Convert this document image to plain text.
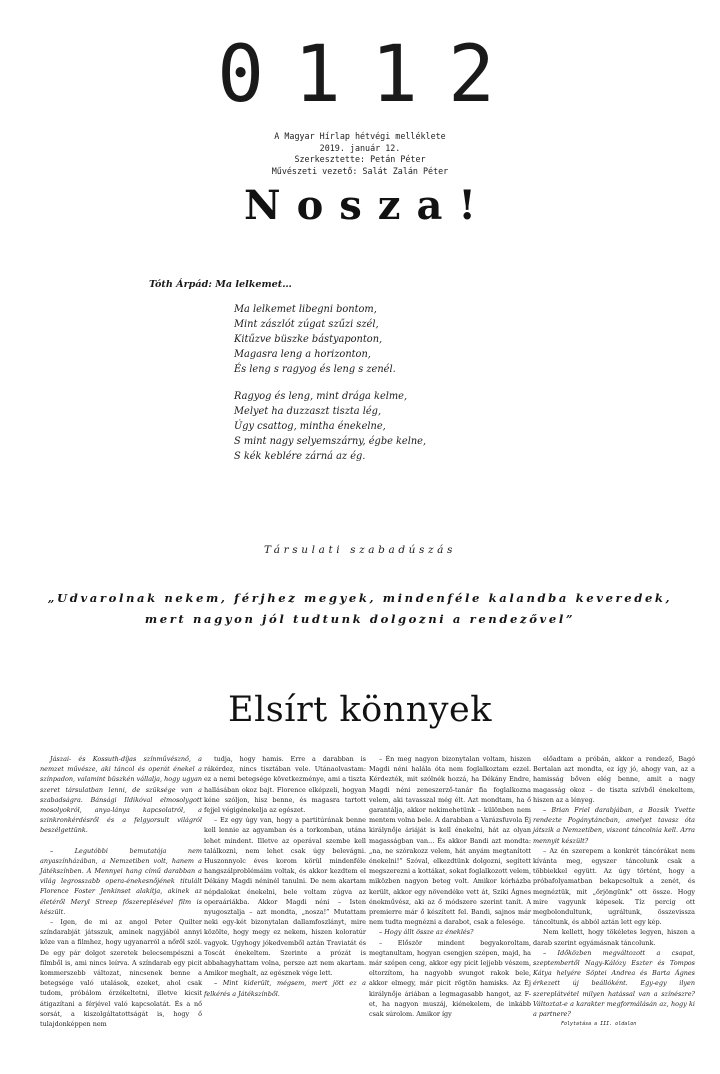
0112
A Magyar Hírlap hétvégi melléklete
2019. január 12.
Szerkesztette: Petán Péter
Művészeti vezető: Salát Zalán Péter
Nosza!
Tóth Árpád: Ma lelkemet…
Ma lelkemet libegni bontom,
Mint zászlót zúgat szűzi szél,
Kitűzve büszke bástyaponton,
Magasra leng a horizonton,
És leng s ragyog és leng s zenél.
Ragyog és leng, mint drága kelme,
Melyet ha duzzaszt tiszta lég,
Úgy csattog, mintha énekelne,
S mint nagy selyemszárny, égbe kelne,
S kék keblére zárná az ég.
Társulati szabadúszás
„Udvarolnak nekem, férjhez megyek, mindenféle kalandba keveredek,
mert nagyon jól tudtunk dolgozni a rendezővel”
Elsírt könnyek

Jászai- és Kossuth-díjas színművésznő, a nemzet művésze, aki táncol és operát énekel a színpadon, valamint büszkén vállalja, hogy ugyan szeret társulatban lenni, de szüksége van a szabadságra. Bánsági Ildikóval elmosolygott mosolyokról, anya-lánya kapcsolatról, a szinkronkérdésről és a felgyorsult világról beszélgettünk.

– Legutóbbi bemutatója nem anyaszínházában, a Nemzetiben volt, hanem a Játékszínben. A Mennyei hang című darabban a világ legrosszabb opera-énekesnőjének titulált Florence Foster Jenkinset alakítja, akinek az életéről Meryl Streep főszereplésével film is készült.

– Igen, de mi az angol Peter Quilter színdarabját játsszuk, aminek nagyjából annyi köze van a filmhez, hogy ugyanarról a nőről szól. De egy pár dolgot szeretek belecsempészni a filmből is, ami nincs leírva. A színdarab egy picit kommerszebb változat, nincsenek benne a betegsége való utalások, ezeket, ahol csak tudom, próbálom érzékeltetni, illetve kicsit átigazítani a férjével való kapcsolatát. És a nő sorsát, a kiszolgáltatottságát is, hogy ő tulajdonképpen nem

tudja, hogy hamis. Erre a darabban is rákérdez, nincs tisztában vele. Utánaolvastam: ez a nemi betegsége következménye, ami a tiszta hallásában okoz bajt. Florence elképzeli, hogyan kéne szóljon, hisz benne, és magasra tartott fejjel végigénekelja az egészet.

– Ez egy úgy van, hogy a partitúrának benne kell lennie az agyamban és a torkomban, utána lehet mindent. Illetve az operával szembe kell találkozni, nem lehet csak úgy belevágni. Huszonnyolc éves korom körül mindenféle hangszálproblémáim voltak, és akkor kezdtem el Dékány Magdi néninél tanulni. De nem akartam népdalokat énekelni, bele voltam zúgva az operaáriákba. Akkor Magdi néni – Isten nyugosztalja – azt mondta, „nosza!” Mutattam neki egy-két bizonytalan dallamfoszlányt, mire közölte, hogy megy ez nekem, hiszen koloratúr vagyok. Ugyhogy jókedvemből aztán Traviatát és Toscát énekeltem. Szerinte a prózát is abbahagyhattam volna, persze azt nem akartam. Amikor meghalt, az egésznek vége lett.

– Mint kiderült, mégsem, mert jött ez a felkérés a Játékszínből.

– Én meg nagyon bizonytalan voltam, hiszen Magdi néni halála óta nem foglalkoztam ezzel. Kérdezték, mit szólnék hozzá, ha Dékány Endre, Magdi néni zeneszerző-tanár fia foglalkozna velem, aki tavasszal még élt. Azt mondtam, ha ő garantálja, akkor nekimehetünk – különben nem mentem volna bele. A darabban a Varázsfuvola Éj királynője áriáját is kell énekelni, hát az olyan magasságban van… És akkor Bandi azt mondta: „na, ne szórakozz velem, hát anyám megtanított énekelni!” Szóval, elkezdtünk dolgozni, segített megszerezni a kottákat, sokat foglalkozott velem, miközben nagyon beteg volt. Amikor kórházba került, akkor egy növendéke vett át, Sziki Ágnes énekművész, aki az ő módszere szerint tanít. A premierre már ő készített fel. Bandi, sajnos már nem tudta megnézni a darabot, csak a felesége.

– Hogy állt össze az éneklés?

– Először mindent begyakoroltam, megtanultam, hogyan csengjen szépen, majd, ha már szépen ceng, akkor egy picit lejjebb vészem, eltorzítom, ha nagyobb svungot rakok bele, akkor elmegy, már picit rögtön hamisks. Az Éj királynője áriában a legmagasabb hangot, az F-et, ha nagyon muszáj, kiénekelem, de inkább csak súrolom. Amikor így

előadtam a próbán, akkor a rendező, Bagó Bertalan azt mondta, ez így jó, ahogy van, az a hamisság bőven elég benne, amit a nagy magasság okoz – de tiszta szívből énekeltem, hiszen az a lényeg.

– Brian Friel darabjában, a Bozsik Yvette rendezte Pogánytáncban, amelyet tavasz óta játszik a Nemzetiben, viszont táncolnia kell. Arra mennyit készült?

– Az én szerepem a konkrét táncórákat nem kívánta meg, egyszer táncolunk csak a többiekkel együtt. Az úgy történt, hogy a próbafolyamatban bekapcsoltuk a zenét, és megnéztük, mit „őrjöngünk” ott össze. Hogy mire vagyunk képesek. Tíz percig ott megbolondultunk, ugráltunk, összevissza táncoltunk, és abból aztán lett egy kép.

Nem kellett, hogy tökéletes legyen, hiszen a darab szerint egyámásnak táncolunk.

– Időközben megváltozott a csapat, szeptembertől Nagy-Kálózy Eszter és Tompos Kátya helyére Söptei Andrea és Barta Ágnes érkezett új beállóként. Egy-egy ilyen szereplátvétel milyen hatással van a színészre? Változtat-e a karakter megformálásán az, hogy ki a partnere?

Folytatása a III. oldalon
